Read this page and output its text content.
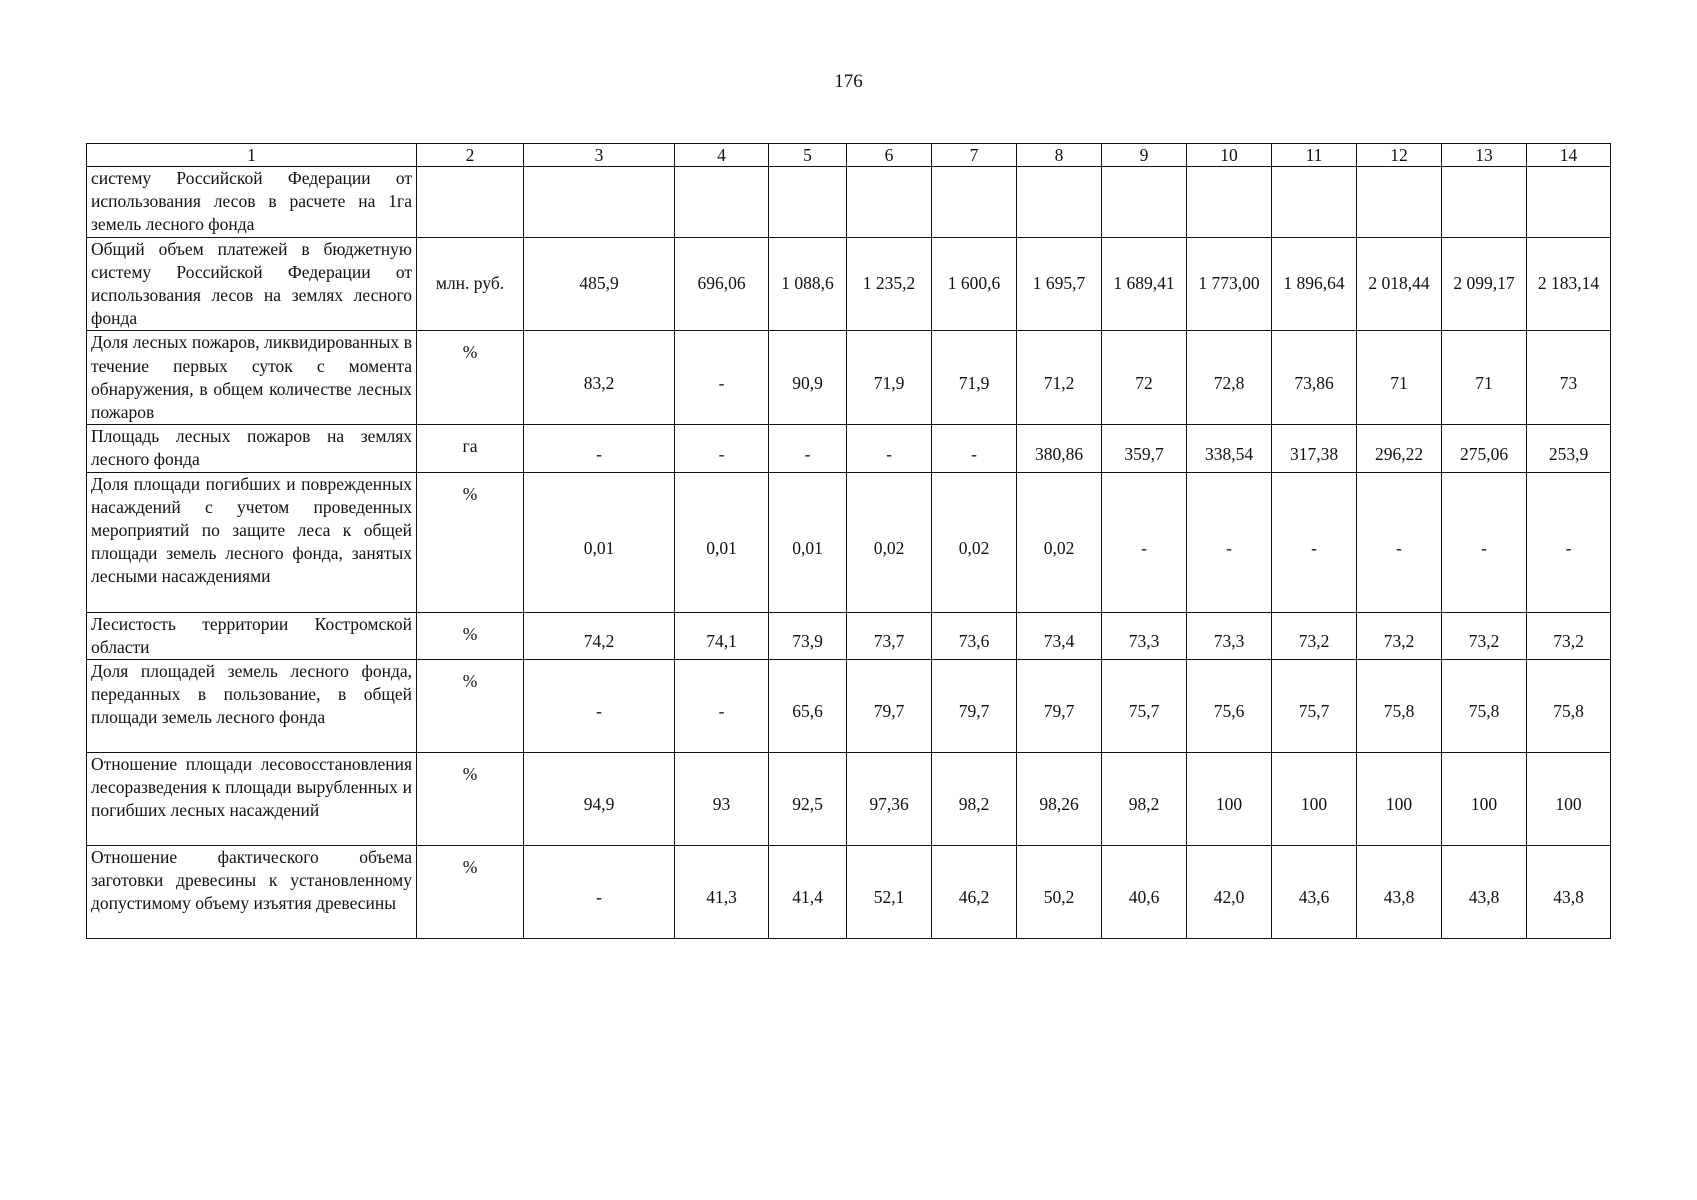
176
1	2	3	4	5	6	7	8	9	10	11	12	13	14
систему Российской Федерации от использования лесов в расчете на 1га земель лесного фонда													
Общий объем платежей в бюджетную систему Российской Федерации от использования лесов на землях лесного фонда	млн. руб.	485,9	696,06	1 088,6	1 235,2	1 600,6	1 695,7	1 689,41	1 773,00	1 896,64	2 018,44	2 099,17	2 183,14
Доля лесных пожаров, ликвидированных в течение первых суток с момента обнаружения, в общем количестве лесных пожаров	%	83,2	-	90,9	71,9	71,9	71,2	72	72,8	73,86	71	71	73
Площадь лесных пожаров на землях лесного фонда	га	-	-	-	-	-	380,86	359,7	338,54	317,38	296,22	275,06	253,9
Доля площади погибших и поврежденных насаждений с учетом проведенных мероприятий по защите леса к общей площади земель лесного фонда, занятых лесными насаждениями	%	0,01	0,01	0,01	0,02	0,02	0,02	-	-	-	-	-	-
Лесистость территории Костромской области	%	74,2	74,1	73,9	73,7	73,6	73,4	73,3	73,3	73,2	73,2	73,2	73,2
Доля площадей земель лесного фонда, переданных в пользование, в общей площади земель лесного фонда	%	-	-	65,6	79,7	79,7	79,7	75,7	75,6	75,7	75,8	75,8	75,8
Отношение площади лесовосстановления лесоразведения к площади вырубленных и погибших лесных насаждений	%	94,9	93	92,5	97,36	98,2	98,26	98,2	100	100	100	100	100
Отношение фактического объема заготовки древесины к установленному допустимому объему изъятия древесины	%	-	41,3	41,4	52,1	46,2	50,2	40,6	42,0	43,6	43,8	43,8	43,8
